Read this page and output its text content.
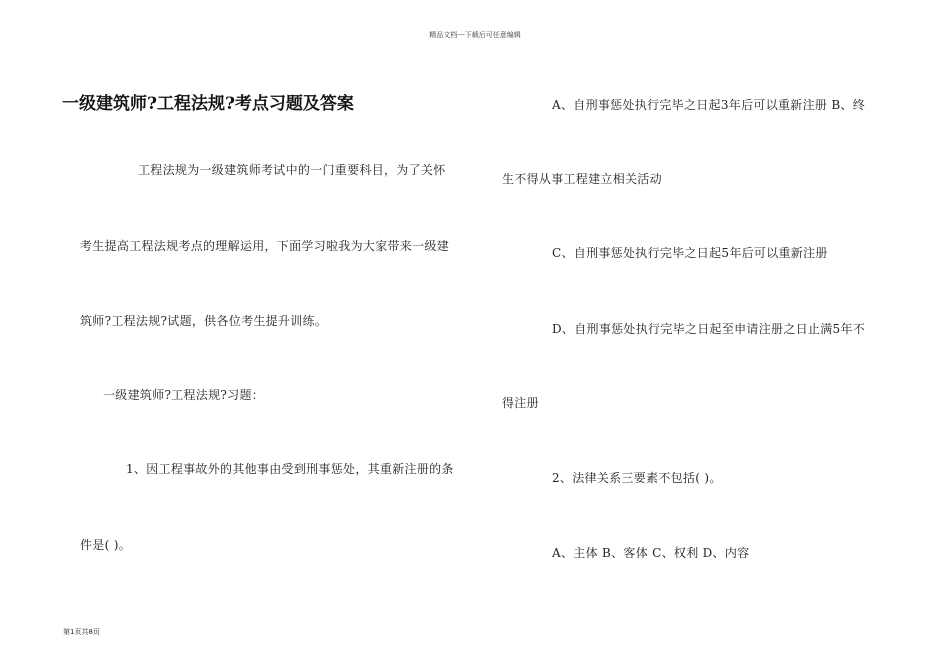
精品文档---下载后可任意编辑
一级建筑师?工程法规?考点习题及答案
工程法规为一级建筑师考试中的一门重要科目，为了关怀
考生提高工程法规考点的理解运用，下面学习啦我为大家带来一级建
筑师?工程法规?试题，供各位考生提升训练。
一级建筑师?工程法规?习题：
1、因工程事故外的其他事由受到刑事惩处，其重新注册的条
件是( )。
A、自刑事惩处执行完毕之日起3年后可以重新注册 B、终
生不得从事工程建立相关活动
C、自刑事惩处执行完毕之日起5年后可以重新注册
D、自刑事惩处执行完毕之日起至申请注册之日止满5年不
得注册
2、法律关系三要素不包括( )。
A、主体 B、客体 C、权利 D、内容
第1页共8页
